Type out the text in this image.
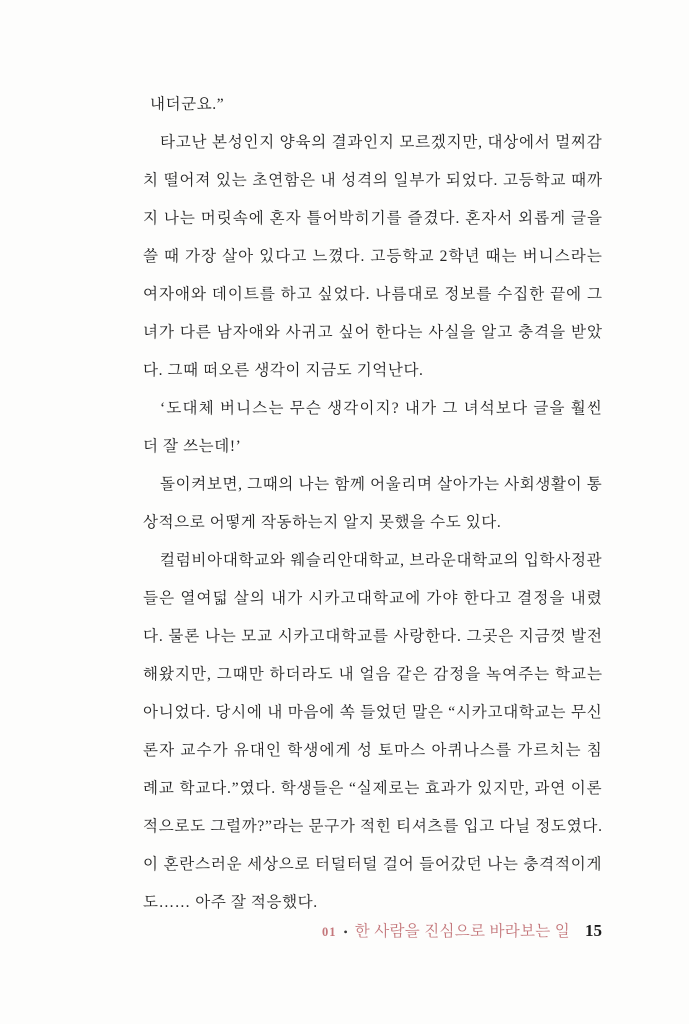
내더군요.”
타 고 난
본 성 인 지
양 육 의
결 과 인 지
모 르 겠 지 만 ,
대 상 에 서
멀 찌 감
치
떨 어 져
있 는
초 연 함 은
내
성 격 의
일 부 가
되 었 다 .
고 등 학 교
때 까
지
나 는
머 릿 속 에
혼 자
틀 어 박 히 기 를
즐 겼 다 .
혼 자 서
외 롭 게
글 을
쓸
때
가 장
살 아
있 다 고
느 꼈 다 .
고 등 학 교
2 학 년
때 는
버 니 스 라 는
여 자 애 와
데 이 트 를
하 고
싶 었 다 .
나 름 대 로
정 보 를
수 집 한
끝 에
그
녀 가
다 른
남 자 애 와
사 귀 고
싶 어
한 다 는
사 실 을
알 고
충 격 을
받 았
다. 그때 떠오른 생각이 지금도 기억난다.
‘ 도 대 체
버 니 스 는
무 슨
생 각 이 지 ?
내 가
그
녀 석 보 다
글 을
훨 씬
더 잘 쓰는데!’
돌 이 켜 보 면 ,
그 때 의
나 는
함 께
어 울 리 며
살 아 가 는
사 회 생 활 이
통
상적으로 어떻게 작동하는지 알지 못했을 수도 있다.
컬 럼 비 아 대 학 교 와
웨 슬 리 안 대 학 교 ,
브 라 운 대 학 교 의
입 학 사 정 관
들 은
열 여 덟
살 의
내 가
시 카 고 대 학 교 에
가 야
한 다 고
결 정 을
내 렸
다 .
물 론
나 는
모 교
시 카 고 대 학 교 를
사 랑 한 다 .
그 곳 은
지 금 껏
발 전
해 왔 지 만 ,
그 때 만
하 더 라 도
내
얼 음
같 은
감 정 을
녹 여 주 는
학 교 는
아 니 었 다 .
당 시 에
내
마 음 에
쏙
들 었 던
말 은
“ 시 카 고 대 학 교 는
무 신
론 자
교 수 가
유 대 인
학 생 에 게
성
토 마 스
아 퀴 나 스 를
가 르 치 는
침
례 교
학 교 다 . ” 였 다 .
학 생 들 은
“ 실 제 로 는
효 과 가
있 지 만 ,
과 연
이 론
적 으 로 도
그 럴 까 ? ” 라 는
문 구 가
적 힌
티 셔 츠 를
입 고
다 닐
정 도 였 다 .
이
혼 란 스 러 운
세 상 으 로
터 덜 터 덜
걸 어
들 어 갔 던
나 는
충 격 적 이 게
도…… 아주 잘 적응했다.
01 • 한 사람을 진심으로 바라보는 일 15
